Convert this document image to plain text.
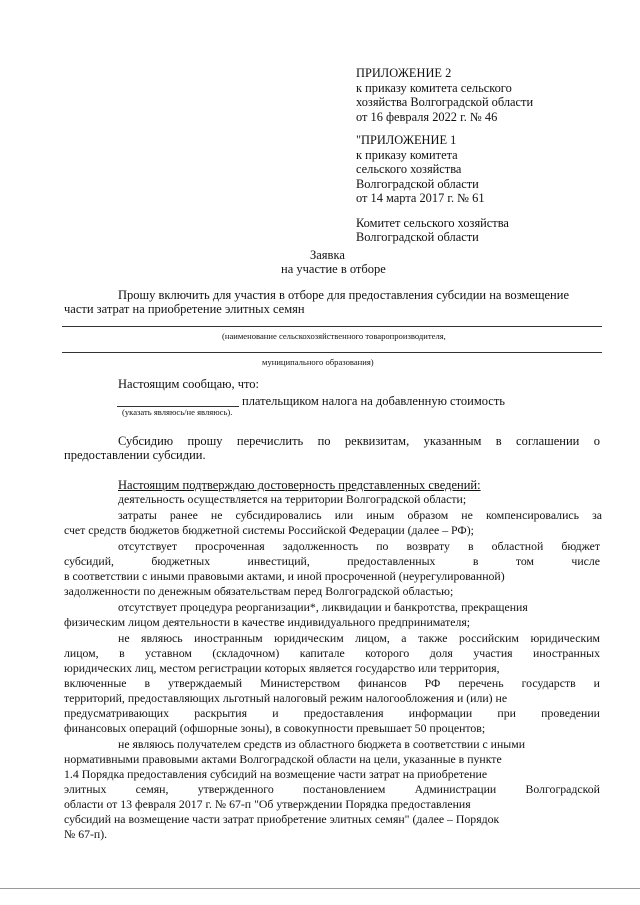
ПРИЛОЖЕНИЕ 2
к приказу комитета сельского
хозяйства Волгоградской области
от 16 февраля 2022 г. № 46
"ПРИЛОЖЕНИЕ 1
к приказу комитета
сельского хозяйства
Волгоградской области
от 14 марта 2017 г. № 61
Комитет сельского хозяйства
Волгоградской области
Заявка
на участие в отборе
Прошу включить для участия в отборе для предоставления субсидии на возмещение
части затрат на приобретение элитных семян
(наименование сельскохозяйственного товаропроизводителя,
муниципального образования)
Настоящим сообщаю, что:
плательщиком налога на добавленную стоимость
(указать являюсь/не являюсь).
Субсидию прошу перечислить по реквизитам, указанным в соглашении о
предоставлении субсидии.
Настоящим подтверждаю достоверность представленных сведений:
деятельность осуществляется на территории Волгоградской области;
затраты ранее не субсидировались или иным образом не компенсировались за
счет средств бюджетов бюджетной системы Российской Федерации (далее – РФ);
отсутствует просроченная задолженность по возврату в областной бюджет
субсидий, бюджетных инвестиций, предоставленных в том числе
в соответствии с иными правовыми актами, и иной просроченной (неурегулированной)
задолженности по денежным обязательствам перед Волгоградской областью;
отсутствует процедура реорганизации*, ликвидации и банкротства, прекращения
физическим лицом деятельности в качестве индивидуального предпринимателя;
не являюсь иностранным юридическим лицом, а также российским юридическим
лицом, в уставном (складочном) капитале которого доля участия иностранных
юридических лиц, местом регистрации которых является государство или территория,
включенные в утверждаемый Министерством финансов РФ перечень государств и
территорий, предоставляющих льготный налоговый режим налогообложения и (или) не
предусматривающих раскрытия и предоставления информации при проведении
финансовых операций (офшорные зоны), в совокупности превышает 50 процентов;
не являюсь получателем средств из областного бюджета в соответствии с иными
нормативными правовыми актами Волгоградской области на цели, указанные в пункте
1.4 Порядка предоставления субсидий на возмещение части затрат на приобретение
элитных семян, утвержденного постановлением Администрации Волгоградской
области от 13 февраля 2017 г. № 67-п "Об утверждении Порядка предоставления
субсидий на возмещение части затрат приобретение элитных семян" (далее – Порядок
№ 67-п).
